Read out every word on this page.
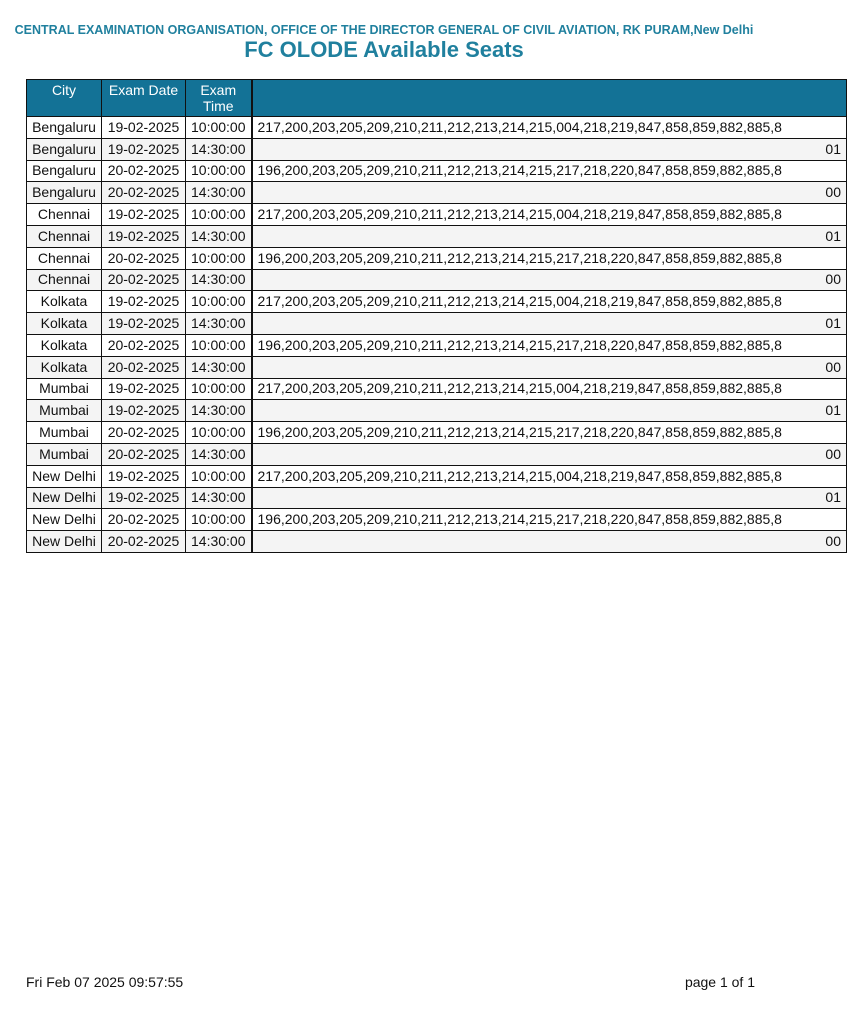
CENTRAL EXAMINATION ORGANISATION, OFFICE OF THE DIRECTOR GENERAL OF CIVIL AVIATION, RK PURAM,New Delhi
FC OLODE Available Seats
City	Exam Date	Exam Time	
Bengaluru	19-02-2025	10:00:00	217,200,203,205,209,210,211,212,213,214,215,004,218,219,847,858,859,882,885,8
Bengaluru	19-02-2025	14:30:00	01
Bengaluru	20-02-2025	10:00:00	196,200,203,205,209,210,211,212,213,214,215,217,218,220,847,858,859,882,885,8
Bengaluru	20-02-2025	14:30:00	00
Chennai	19-02-2025	10:00:00	217,200,203,205,209,210,211,212,213,214,215,004,218,219,847,858,859,882,885,8
Chennai	19-02-2025	14:30:00	01
Chennai	20-02-2025	10:00:00	196,200,203,205,209,210,211,212,213,214,215,217,218,220,847,858,859,882,885,8
Chennai	20-02-2025	14:30:00	00
Kolkata	19-02-2025	10:00:00	217,200,203,205,209,210,211,212,213,214,215,004,218,219,847,858,859,882,885,8
Kolkata	19-02-2025	14:30:00	01
Kolkata	20-02-2025	10:00:00	196,200,203,205,209,210,211,212,213,214,215,217,218,220,847,858,859,882,885,8
Kolkata	20-02-2025	14:30:00	00
Mumbai	19-02-2025	10:00:00	217,200,203,205,209,210,211,212,213,214,215,004,218,219,847,858,859,882,885,8
Mumbai	19-02-2025	14:30:00	01
Mumbai	20-02-2025	10:00:00	196,200,203,205,209,210,211,212,213,214,215,217,218,220,847,858,859,882,885,8
Mumbai	20-02-2025	14:30:00	00
New Delhi	19-02-2025	10:00:00	217,200,203,205,209,210,211,212,213,214,215,004,218,219,847,858,859,882,885,8
New Delhi	19-02-2025	14:30:00	01
New Delhi	20-02-2025	10:00:00	196,200,203,205,209,210,211,212,213,214,215,217,218,220,847,858,859,882,885,8
New Delhi	20-02-2025	14:30:00	00
Fri Feb 07 2025 09:57:55	page 1 of 1
